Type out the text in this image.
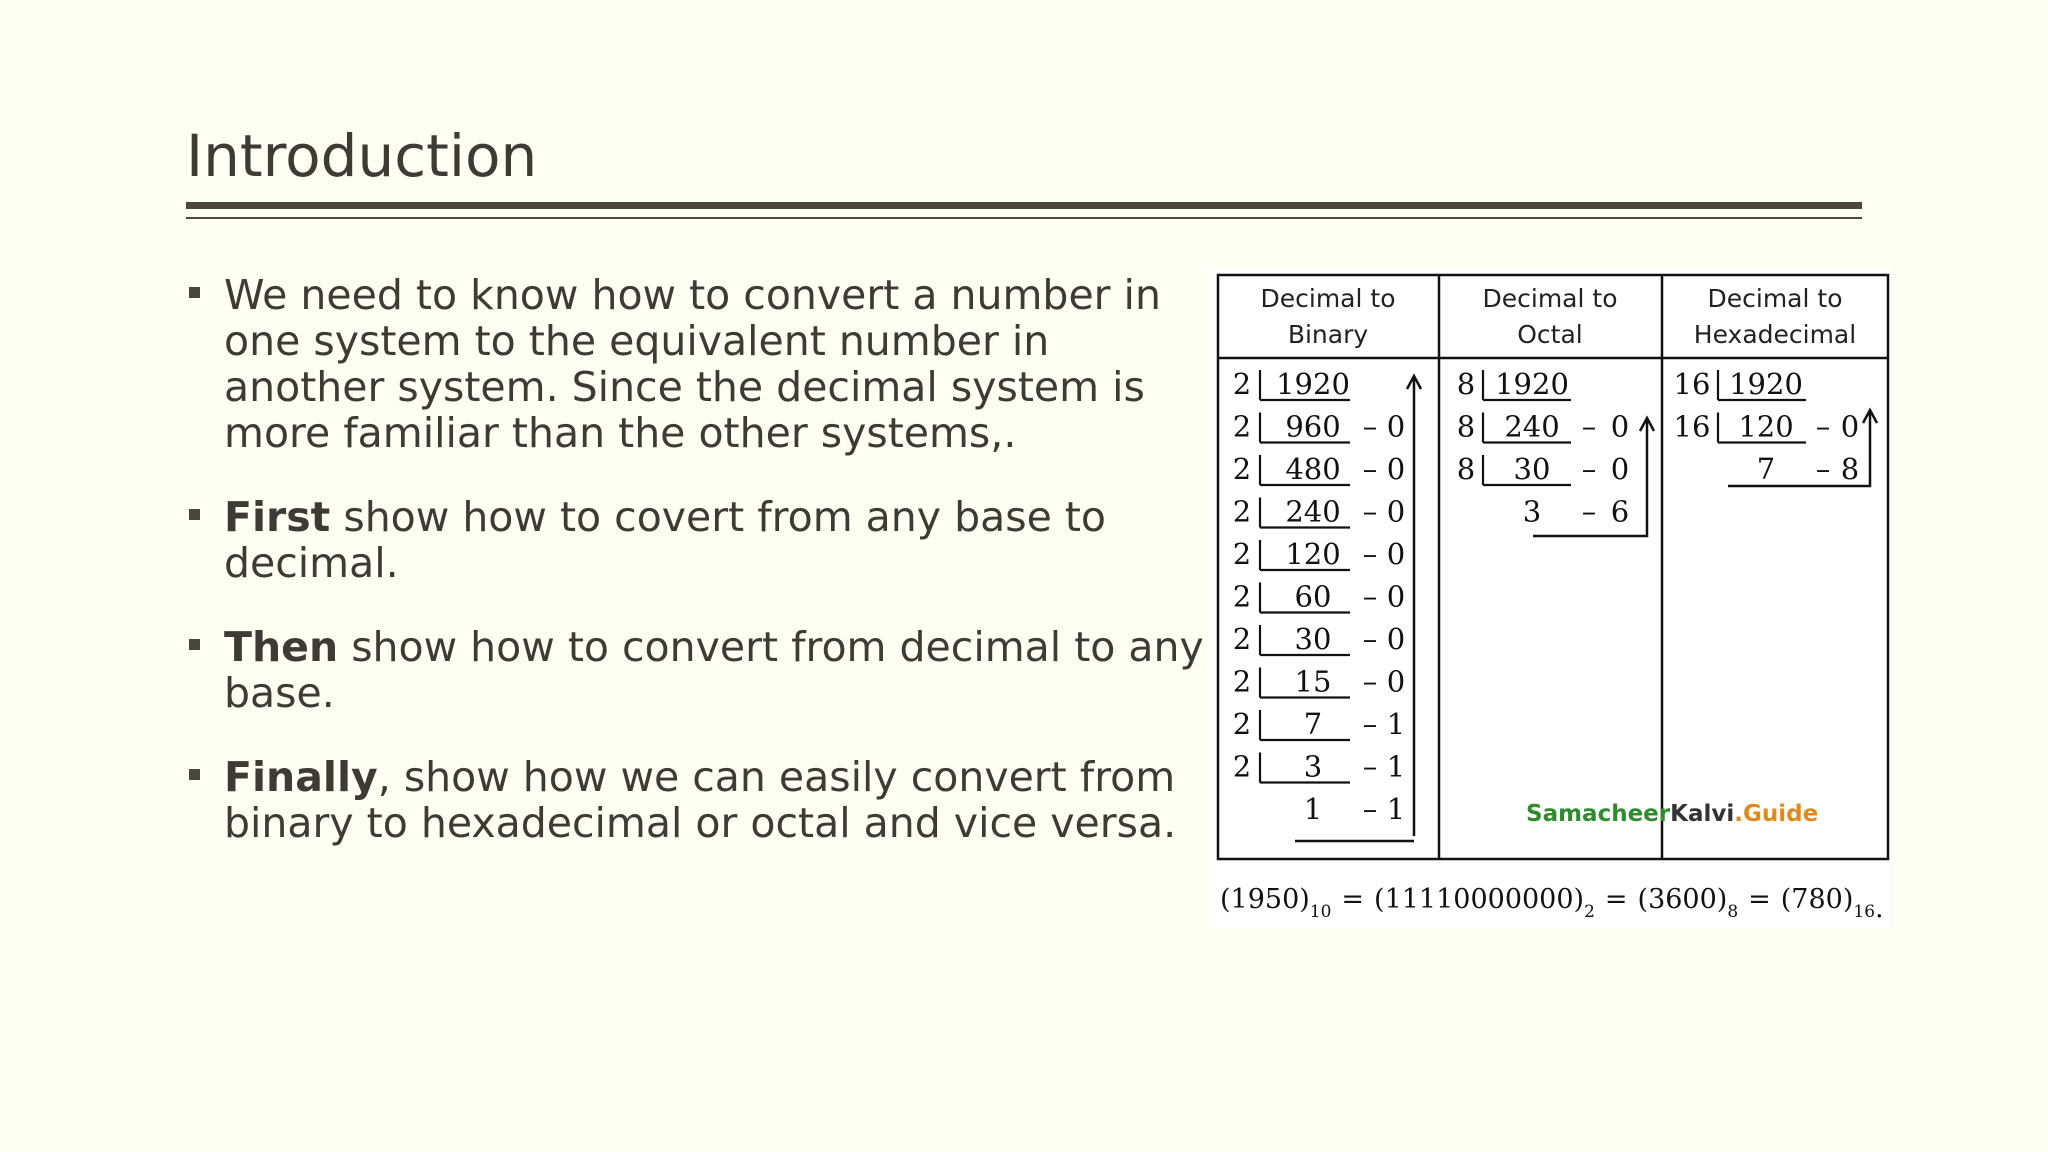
Introduction
We need to know how to convert a number in one system to the equivalent number in another system. Since the decimal system is more familiar than the other systems,.
First show how to covert from any base to decimal.
Then show how to convert from decimal to any base.
Finally, show how we can easily convert from binary to hexadecimal or octal and vice versa.
Decimal to
Binary
Decimal to
Octal
Decimal to
Hexadecimal
2 1920
2 960 – 0
2 480 – 0
2 240 – 0
2 120 – 0
2 60 – 0
2 30 – 0
2 15 – 0
2 7 – 1
2 3 – 1
1 – 1
8 1920
8 240 – 0
8 30 – 0
3 – 6
16 1920
16 120 – 0
7 – 8
SamacheerKalvi.Guide
$(1950)_{10} = (11110000000)_2 = (3600)_8 = (780)_{16}$.
